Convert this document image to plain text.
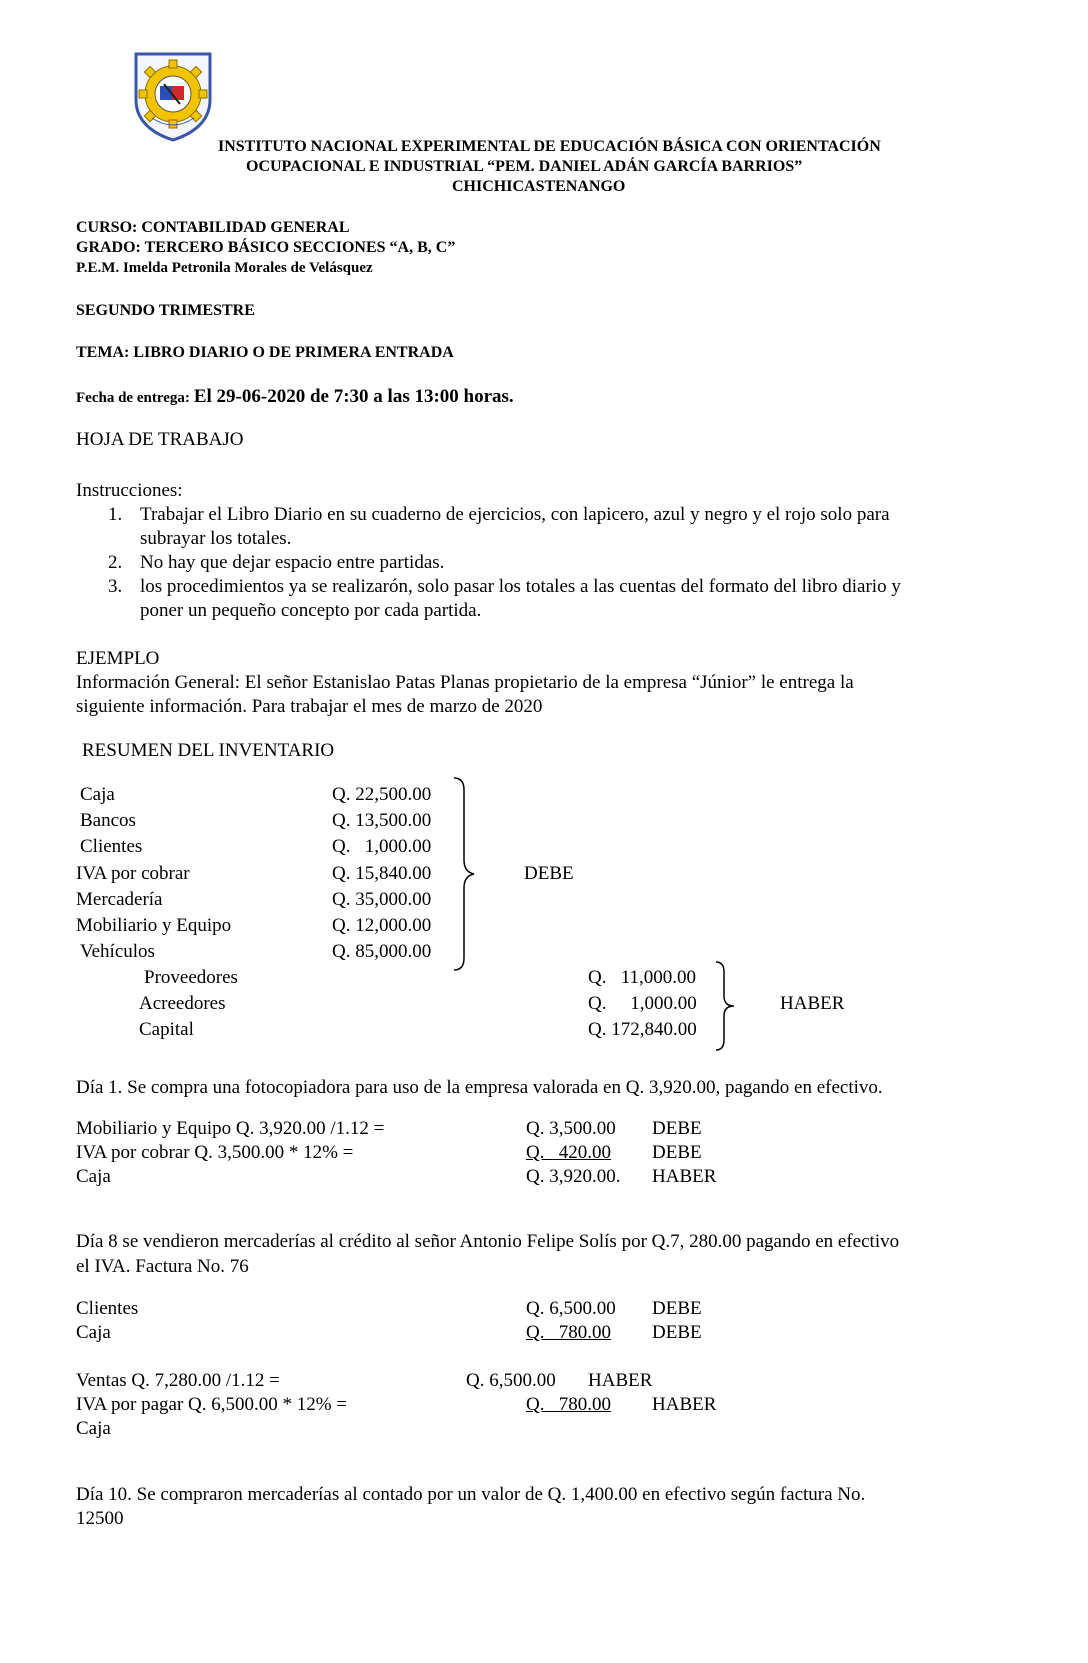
INSTITUTO NACIONAL EXPERIMENTAL DE EDUCACIÓN BÁSICA CON ORIENTACIÓN
OCUPACIONAL E INDUSTRIAL “PEM. DANIEL ADÁN GARCÍA BARRIOS”
CHICHICASTENANGO
CURSO: CONTABILIDAD GENERAL
GRADO: TERCERO BÁSICO SECCIONES “A, B, C”
P.E.M. Imelda Petronila Morales de Velásquez
SEGUNDO TRIMESTRE
TEMA: LIBRO DIARIO O DE PRIMERA ENTRADA
Fecha de entrega: El 29-06-2020 de 7:30 a las 13:00 horas.
HOJA DE TRABAJO
Instrucciones:
1. Trabajar el Libro Diario en su cuaderno de ejercicios, con lapicero, azul y negro y el rojo solo para
subrayar los totales.
2. No hay que dejar espacio entre partidas.
3. los procedimientos ya se realizarón, solo pasar los totales a las cuentas del formato del libro diario y
poner un pequeño concepto por cada partida.
EJEMPLO
Información General: El señor Estanislao Patas Planas propietario de la empresa “Júnior” le entrega la
siguiente información. Para trabajar el mes de marzo de 2020
RESUMEN DEL INVENTARIO
Caja	Q. 22,500.00
Bancos	Q. 13,500.00
Clientes	Q.   1,000.00
IVA por cobrar	Q. 15,840.00
Mercadería	Q. 35,000.00
Mobiliario y Equipo	Q. 12,000.00
Vehículos	Q. 85,000.00
DEBE
Proveedores	Q.   11,000.00
Acreedores	Q.     1,000.00
Capital	Q. 172,840.00
HABER
Día 1. Se compra una fotocopiadora para uso de la empresa valorada en Q. 3,920.00, pagando en efectivo.
Mobiliario y Equipo Q. 3,920.00 /1.12 =	Q. 3,500.00 DEBE
IVA por cobrar Q. 3,500.00 * 12% =	Q.   420.00 DEBE
Caja	Q. 3,920.00. HABER
Día 8 se vendieron mercaderías al crédito al señor Antonio Felipe Solís por Q.7, 280.00 pagando en efectivo
el IVA. Factura No. 76
Clientes	Q. 6,500.00 DEBE
Caja	Q.   780.00 DEBE
Ventas Q. 7,280.00 /1.12 =	Q. 6,500.00 HABER
IVA por pagar Q. 6,500.00 * 12% =	Q.   780.00 HABER
Caja
Día 10. Se compraron mercaderías al contado por un valor de Q. 1,400.00 en efectivo según factura No.
12500
